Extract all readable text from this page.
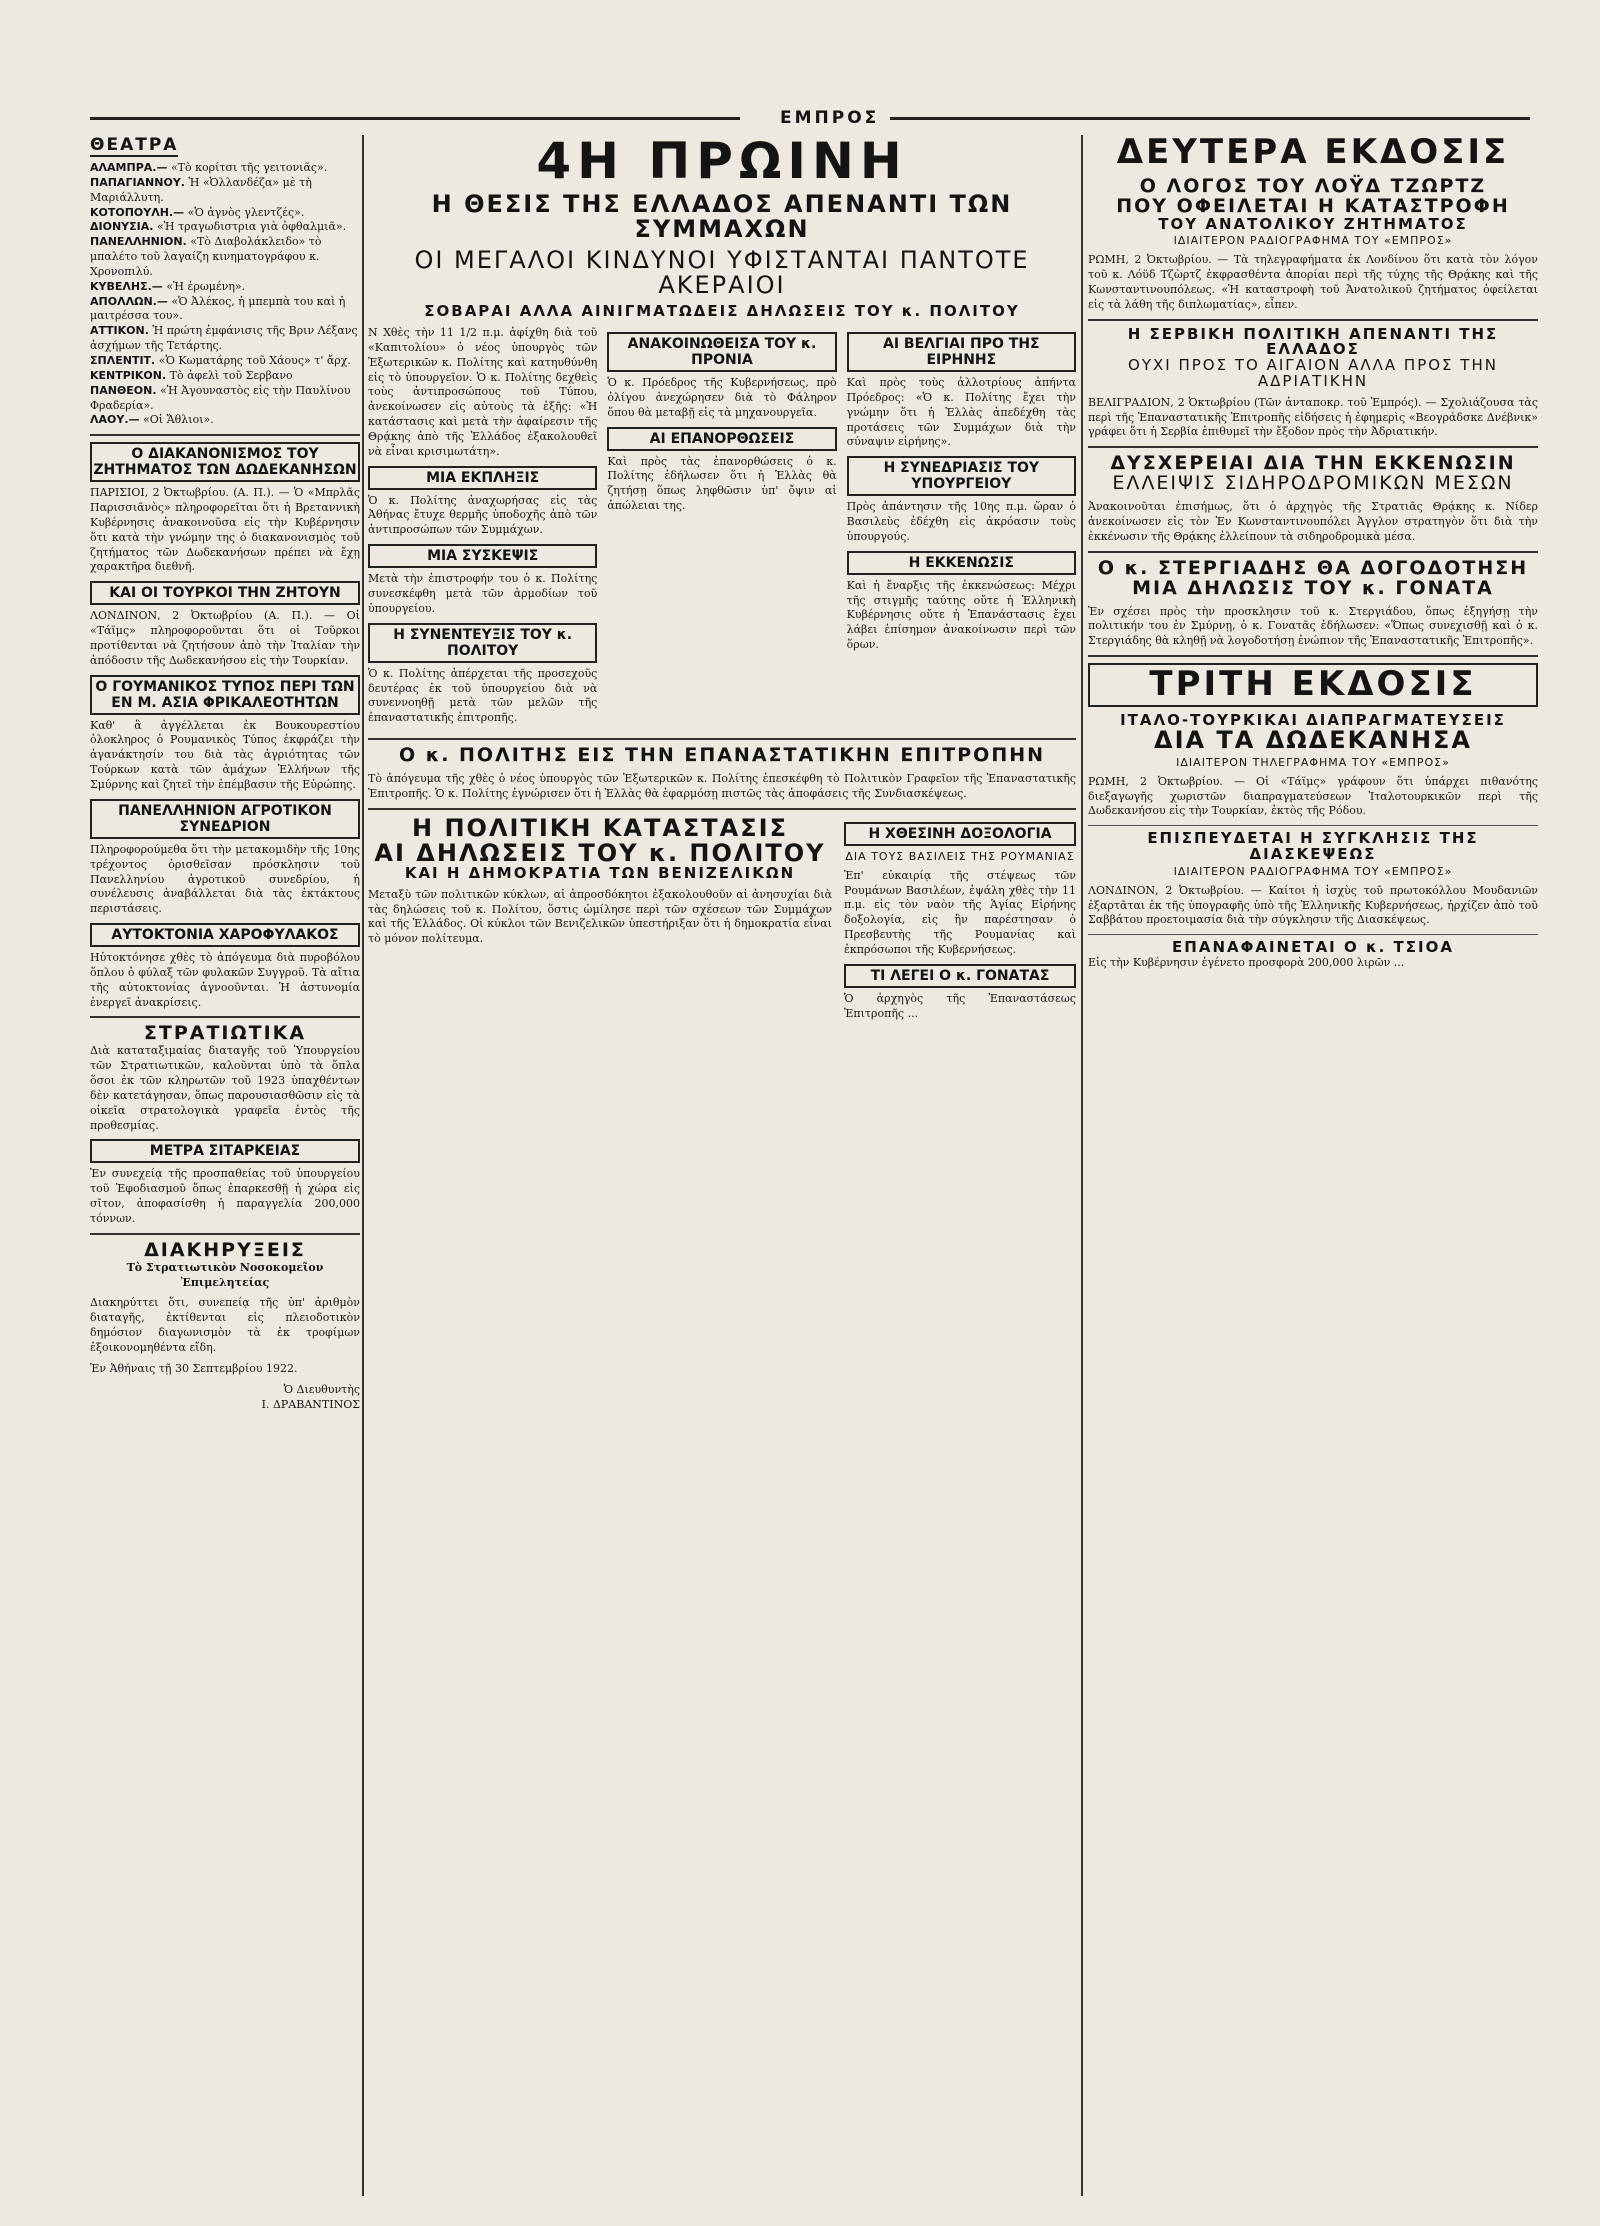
ΕΜΠΡΟΣ
ΘΕΑΤΡΑ

ΑΛΑΜΠΡΑ.— «Τὸ κορίτσι τῆς γειτονιᾶς».

ΠΑΠΑΓΙΑΝΝΟΥ. Ἡ «Ὀλλανδέζα» μὲ τὴ Μαριάλλυτη.

ΚΟΤΟΠΟΥΛΗ.— «Ὁ ἀγνὸς γλεντζές».

ΔΙΟΝΥΣΙΑ. «Ἡ τραγωδιστρια γιὰ ὀφθαλμιᾶ».

ΠΑΝΕΛΛΗΝΙΟΝ. «Τὸ Διαβολάκλειδο» τὸ μπαλέτο τοῦ λαγαίζη κινηματογράφου κ. Χρονοπιλύ.

ΚΥΒΕΛΗΣ.— «Ἡ ἐρωμένη».

ΑΠΟΛΛΩΝ.— «Ὁ Ἀλέκος, ἡ μπεμπὰ του καὶ ἡ μαιτρέσσα του».

ΑΤΤΙΚΟΝ. Ἡ πρώτη ἐμφάνισις τῆς Βριν Λέξανς ἀσχήμων τῆς Τετάρτης.

ΣΠΛΕΝΤΙΤ. «Ὁ Κωματάρης τοῦ Χάους» τ' ἄρχ.

ΚΕΝΤΡΙΚΟΝ. Τὸ ἀφελὶ τοῦ Σερβανο

ΠΑΝΘΕΟΝ. «Ἡ Ἀγουναστὸς εἰς τὴν Παυλίνου Φραδερία».

ΛΑΟΥ.— «Οἱ Ἄθλιοι».

Ο ΔΙΑΚΑΝΟΝΙΣΜΟΣ ΤΟΥ ΖΗΤΗΜΑΤΟΣ ΤΩΝ ΔΩΔΕΚΑΝΗΣΩΝ

ΠΑΡΙΣΙΟΙ, 2 Ὀκτωβρίου. (Α. Π.). — Ὁ «Μπρλᾶς Παρισσιᾶνὸς» πληροφορεῖται ὅτι ἡ Βρεταννικὴ Κυβέρνησις ἀνακοινοῦσα εἰς τὴν Κυβέρνησιν ὅτι κατὰ τὴν γνώμην της ὁ διακανονισμὸς τοῦ ζητήματος τῶν Δωδεκανήσων πρέπει νὰ ἔχῃ χαρακτῆρα διεθνῆ.

ΚΑΙ ΟΙ ΤΟΥΡΚΟΙ ΤΗΝ ΖΗΤΟΥΝ

ΛΟΝΔΙΝΟΝ, 2 Ὀκτωβρίου (Α. Π.). — Οἱ «Τάϊμς» πληροφοροῦνται ὅτι οἱ Τοῦρκοι προτίθενται νὰ ζητήσουν ἀπὸ τὴν Ἰταλίαν τὴν ἀπόδοσιν τῆς Δωδεκανήσου εἰς τὴν Τουρκίαν.

Ο ΓΟΥΜΑΝΙΚΟΣ ΤΥΠΟΣ ΠΕΡΙ ΤΩΝ ΕΝ Μ. ΑΣΙΑ ΦΡΙΚΑΛΕΟΤΗΤΩΝ

Καθ' ἃ ἀγγέλλεται ἐκ Βουκουρεστίου ὁλοκληρος ὁ Ρουμανικὸς Τύπος ἐκφράζει τὴν ἀγανάκτησίν του διὰ τὰς ἀγριότητας τῶν Τούρκων κατὰ τῶν ἀμάχων Ἑλλήνων τῆς Σμύρνης καὶ ζητεῖ τὴν ἐπέμβασιν τῆς Εὐρώπης.

ΠΑΝΕΛΛΗΝΙΟΝ ΑΓΡΟΤΙΚΟΝ ΣΥΝΕΔΡΙΟΝ

Πληροφορούμεθα ὅτι τὴν μετακομιδὴν τῆς 10ης τρέχοντος ὀρισθεῖσαν πρόσκλησιν τοῦ Πανελληνίου ἀγροτικοῦ συνεδρίου, ἡ συνέλευσις ἀναβάλλεται διὰ τὰς ἐκτάκτους περιστάσεις.

ΑΥΤΟΚΤΟΝΙΑ ΧΑΡΟΦΥΛΑΚΟΣ

Ηὐτοκτόνησε χθὲς τὸ ἀπόγευμα διὰ πυροβόλου ὅπλου ὁ φύλαξ τῶν φυλακῶν Συγγροῦ. Τὰ αἴτια τῆς αὐτοκτονίας ἀγνοοῦνται. Ἡ ἀστυνομία ἐνεργεῖ ἀνακρίσεις.

ΣΤΡΑΤΙΩΤΙΚΑ

Διὰ καταταξιμαίας διαταγῆς τοῦ Ὑπουργείου τῶν Στρατιωτικῶν, καλοῦνται ὑπὸ τὰ ὅπλα ὅσοι ἐκ τῶν κληρωτῶν τοῦ 1923 ὑπαχθέντων δὲν κατετάγησαν, ὅπως παρουσιασθῶσιν εἰς τὰ οἰκεῖα στρατολογικὰ γραφεῖα ἐντὸς τῆς προθεσμίας.

ΜΕΤΡΑ ΣΙΤΑΡΚΕΙΑΣ

Ἐν συνεχείᾳ τῆς προσπαθείας τοῦ ὑπουργείου τοῦ Ἐφοδιασμοῦ ὅπως ἐπαρκεσθῇ ἡ χώρα εἰς σῖτον, ἀποφασίσθη ἡ παραγγελία 200,000 τόννων.

ΔΙΑΚΗΡΥΞΕΙΣ

Τὸ Στρατιωτικὸν Νοσοκομεῖον Ἐπιμελητείας

Διακηρύττει ὅτι, συνεπείᾳ τῆς ὑπ' ἀριθμὸν διαταγῆς, ἐκτίθενται εἰς πλειοδοτικὸν δημόσιον διαγωνισμὸν τὰ ἐκ τροφίμων ἐξοικονομηθέντα εἴδη.

Ἐν Ἀθήναις τῇ 30 Σεπτεμβρίου 1922.

Ὁ Διευθυντὴς

Ι. ΔΡΑΒΑΝΤΙΝΟΣ

4Η ΠΡΩΙΝΗ
Η ΘΕΣΙΣ ΤΗΣ ΕΛΛΑΔΟΣ ΑΠΕΝΑΝΤΙ ΤΩΝ ΣΥΜΜΑΧΩΝ
ΟΙ ΜΕΓΑΛΟΙ ΚΙΝΔΥΝΟΙ ΥΦΙΣΤΑΝΤΑΙ ΠΑΝΤΟΤΕ ΑΚΕΡΑΙΟΙ
ΣΟΒΑΡΑΙ ΑΛΛΑ ΑΙΝΙΓΜΑΤΩΔΕΙΣ ΔΗΛΩΣΕΙΣ ΤΟΥ κ. ΠΟΛΙΤΟΥ

Ν Χθὲς τὴν 11 1/2 π.μ. ἀφίχθη διὰ τοῦ «Καπιτολίου» ὁ νέος ὑπουργὸς τῶν Ἐξωτερικῶν κ. Πολίτης καὶ κατηυθύνθη εἰς τὸ ὑπουργεῖον. Ὁ κ. Πολίτης δεχθεὶς τοὺς ἀντιπροσώπους τοῦ Τύπου, ἀνεκοίνωσεν εἰς αὐτοὺς τὰ ἑξῆς: «Ἡ κατάστασις καὶ μετὰ τὴν ἀφαίρεσιν τῆς Θρᾴκης ἀπὸ τῆς Ἑλλάδος ἐξακολουθεῖ νὰ εἶναι κρισιμωτάτη».

ΜΙΑ ΕΚΠΛΗΞΙΣ

Ὁ κ. Πολίτης ἀναχωρήσας εἰς τὰς Ἀθήνας ἔτυχε θερμῆς ὑποδοχῆς ἀπὸ τῶν ἀντιπροσώπων τῶν Συμμάχων.

ΜΙΑ ΣΥΣΚΕΨΙΣ

Μετὰ τὴν ἐπιστροφήν του ὁ κ. Πολίτης συνεσκέφθη μετὰ τῶν ἀρμοδίων τοῦ ὑπουργείου.

Η ΣΥΝΕΝΤΕΥΞΙΣ ΤΟΥ κ. ΠΟΛΙΤΟΥ

Ὁ κ. Πολίτης ἀπέρχεται τῆς προσεχοῦς δευτέρας ἐκ τοῦ ὑπουργείου διὰ νὰ συνεννοηθῇ μετὰ τῶν μελῶν τῆς ἐπαναστατικῆς ἐπιτροπῆς.

ΑΝΑΚΟΙΝΩΘΕΙΣΑ ΤΟΥ κ. ΠΡΟΝΙΑ

Ὁ κ. Πρόεδρος τῆς Κυβερνήσεως, πρὸ ὀλίγου ἀνεχώρησεν διὰ τὸ Φάληρον ὅπου θὰ μεταβῇ εἰς τὰ μηχανουργεῖα.

ΑΙ ΕΠΑΝΟΡΘΩΣΕΙΣ

Καὶ πρὸς τὰς ἐπανορθώσεις ὁ κ. Πολίτης ἐδήλωσεν ὅτι ἡ Ἑλλὰς θὰ ζητήσῃ ὅπως ληφθῶσιν ὑπ' ὄψιν αἱ ἀπώλειαι της.

ΑΙ ΒΕΛΓΙΑΙ ΠΡΟ ΤΗΣ ΕΙΡΗΝΗΣ

Καὶ πρὸς τοὺς ἀλλοτρίους ἀπήντα Πρόεδρος: «Ὁ κ. Πολίτης ἔχει τὴν γνώμην ὅτι ἡ Ἑλλὰς ἀπεδέχθη τὰς προτάσεις τῶν Συμμάχων διὰ τὴν σύναψιν εἰρήνης».

Η ΣΥΝΕΔΡΙΑΣΙΣ ΤΟΥ ΥΠΟΥΡΓΕΙΟΥ

Πρὸς ἀπάντησιν τῆς 10ης π.μ. ὥραν ὁ Βασιλεὺς ἐδέχθη εἰς ἀκρόασιν τοὺς ὑπουργούς.

Η ΕΚΚΕΝΩΣΙΣ

Καὶ ἡ ἔναρξις τῆς ἐκκενώσεως: Μέχρι τῆς στιγμῆς ταύτης οὔτε ἡ Ἑλληνικὴ Κυβέρνησις οὔτε ἡ Ἐπανάστασις ἔχει λάβει ἐπίσημον ἀνακοίνωσιν περὶ τῶν ὅρων.

Ο κ. ΠΟΛΙΤΗΣ ΕΙΣ ΤΗΝ ΕΠΑΝΑΣΤΑΤΙΚΗΝ ΕΠΙΤΡΟΠΗΝ

Τὸ ἀπόγευμα τῆς χθὲς ὁ νέος ὑπουργὸς τῶν Ἐξωτερικῶν κ. Πολίτης ἐπεσκέφθη τὸ Πολιτικὸν Γραφεῖον τῆς Ἐπαναστατικῆς Ἐπιτροπῆς. Ὁ κ. Πολίτης ἐγνώρισεν ὅτι ἡ Ἑλλὰς θὰ ἐφαρμόσῃ πιστῶς τὰς ἀποφάσεις τῆς Συνδιασκέψεως.

Η ΠΟΛΙΤΙΚΗ ΚΑΤΑΣΤΑΣΙΣ
ΑΙ ΔΗΛΩΣΕΙΣ ΤΟΥ κ. ΠΟΛΙΤΟΥ
ΚΑΙ Η ΔΗΜΟΚΡΑΤΙΑ ΤΩΝ ΒΕΝΙΖΕΛΙΚΩΝ

Μεταξὺ τῶν πολιτικῶν κύκλων, αἱ ἀπροσδόκητοι ἐξακολουθοῦν αἱ ἀνησυχίαι διὰ τὰς δηλώσεις τοῦ κ. Πολίτου, ὅστις ὡμίλησε περὶ τῶν σχέσεων τῶν Συμμάχων καὶ τῆς Ἑλλάδος. Οἱ κύκλοι τῶν Βενιζελικῶν ὑπεστήριξαν ὅτι ἡ δημοκρατία εἶναι τὸ μόνον πολίτευμα.

Η ΧΘΕΣΙΝΗ ΔΟΞΟΛΟΓΙΑ
ΔΙΑ ΤΟΥΣ ΒΑΣΙΛΕΙΣ ΤΗΣ ΡΟΥΜΑΝΙΑΣ

Ἐπ' εὐκαιρίᾳ τῆς στέψεως τῶν Ρουμάνων Βασιλέων, ἐψάλη χθὲς τὴν 11 π.μ. εἰς τὸν ναὸν τῆς Ἁγίας Εἰρήνης δοξολογία, εἰς ἣν παρέστησαν ὁ Πρεσβευτὴς τῆς Ρουμανίας καὶ ἐκπρόσωποι τῆς Κυβερνήσεως.

ΤΙ ΛΕΓΕΙ Ο κ. ΓΟΝΑΤΑΣ

Ὁ ἀρχηγὸς τῆς Ἐπαναστάσεως Ἐπιτροπῆς ...

ΔΕΥΤΕΡΑ ΕΚΔΟΣΙΣ
Ο ΛΟΓΟΣ ΤΟΥ ΛΟΫΔ ΤΖΩΡΤΖ
ΠΟΥ ΟΦΕΙΛΕΤΑΙ Η ΚΑΤΑΣΤΡΟΦΗ
ΤΟΥ ΑΝΑΤΟΛΙΚΟΥ ΖΗΤΗΜΑΤΟΣ
ΙΔΙΑΙΤΕΡΟΝ ΡΑΔΙΟΓΡΑΦΗΜΑ ΤΟΥ «ΕΜΠΡΟΣ»

ΡΩΜΗ, 2 Ὀκτωβρίου. — Τὰ τηλεγραφήματα ἐκ Λονδίνου ὅτι κατὰ τὸν λόγον τοῦ κ. Λόϋδ Τζὼρτζ ἐκφρασθέντα ἀπορίαι περὶ τῆς τύχης τῆς Θρᾴκης καὶ τῆς Κωνσταντινουπόλεως. «Ἡ καταστροφὴ τοῦ Ἀνατολικοῦ ζητήματος ὀφείλεται εἰς τὰ λάθη τῆς διπλωματίας», εἶπεν.

Η ΣΕΡΒΙΚΗ ΠΟΛΙΤΙΚΗ ΑΠΕΝΑΝΤΙ ΤΗΣ ΕΛΛΑΔΟΣ
ΟΥΧΙ ΠΡΟΣ ΤΟ ΑΙΓΑΙΟΝ ΑΛΛΑ ΠΡΟΣ ΤΗΝ ΑΔΡΙΑΤΙΚΗΝ

ΒΕΛΙΓΡΑΔΙΟΝ, 2 Ὀκτωβρίου (Τῶν ἀνταποκρ. τοῦ Ἐμπρός). — Σχολιάζουσα τὰς περὶ τῆς Ἐπαναστατικῆς Ἐπιτροπῆς εἰδήσεις ἡ ἐφημερὶς «Βεογράδσκε Δνέβνικ» γράφει ὅτι ἡ Σερβία ἐπιθυμεῖ τὴν ἔξοδον πρὸς τὴν Ἀδριατικήν.

ΔΥΣΧΕΡΕΙΑΙ ΔΙΑ ΤΗΝ ΕΚΚΕΝΩΣΙΝ
ΕΛΛΕΙΨΙΣ ΣΙΔΗΡΟΔΡΟΜΙΚΩΝ ΜΕΣΩΝ

Ἀνακοινοῦται ἐπισήμως, ὅτι ὁ ἀρχηγὸς τῆς Στρατιᾶς Θρᾴκης κ. Νίδερ ἀνεκοίνωσεν εἰς τὸν Ἐν Κωνσταντινουπόλει Ἀγγλον στρατηγὸν ὅτι διὰ τὴν ἐκκένωσιν τῆς Θρᾴκης ἐλλείπουν τὰ σιδηροδρομικὰ μέσα.

Ο κ. ΣΤΕΡΓΙΑΔΗΣ ΘΑ ΔΟΓΟΔΟΤΗΣΗ
ΜΙΑ ΔΗΛΩΣΙΣ ΤΟΥ κ. ΓΟΝΑΤΑ

Ἐν σχέσει πρὸς τὴν προσκλησιν τοῦ κ. Στεργιάδου, ὅπως ἐξηγήσῃ τὴν πολιτικήν του ἐν Σμύρνῃ, ὁ κ. Γονατᾶς ἐδήλωσεν: «Ὅπως συνεχισθῇ καὶ ὁ κ. Στεργιάδης θὰ κληθῇ νὰ λογοδοτήσῃ ἐνώπιον τῆς Ἐπαναστατικῆς Ἐπιτροπῆς».

ΤΡΙΤΗ ΕΚΔΟΣΙΣ
ΙΤΑΛΟ-ΤΟΥΡΚΙΚΑΙ ΔΙΑΠΡΑΓΜΑΤΕΥΣΕΙΣ
ΔΙΑ ΤΑ ΔΩΔΕΚΑΝΗΣΑ
ΙΔΙΑΙΤΕΡΟΝ ΤΗΛΕΓΡΑΦΗΜΑ ΤΟΥ «ΕΜΠΡΟΣ»

ΡΩΜΗ, 2 Ὀκτωβρίου. — Οἱ «Τάϊμς» γράφουν ὅτι ὑπάρχει πιθανότης διεξαγωγῆς χωριστῶν διαπραγματεύσεων Ἰταλοτουρκικῶν περὶ τῆς Δωδεκανήσου εἰς τὴν Τουρκίαν, ἐκτὸς τῆς Ρόδου.

ΕΠΙΣΠΕΥΔΕΤΑΙ Η ΣΥΓΚΛΗΣΙΣ ΤΗΣ ΔΙΑΣΚΕΨΕΩΣ
ΙΔΙΑΙΤΕΡΟΝ ΡΑΔΙΟΓΡΑΦΗΜΑ ΤΟΥ «ΕΜΠΡΟΣ»

ΛΟΝΔΙΝΟΝ, 2 Ὀκτωβρίου. — Καίτοι ἡ ἰσχὺς τοῦ πρωτοκόλλου Μουδανιῶν ἐξαρτᾶται ἐκ τῆς ὑπογραφῆς ὑπὸ τῆς Ἑλληνικῆς Κυβερνήσεως, ἠρχίζεν ἀπὸ τοῦ Σαββάτου προετοιμασία διὰ τὴν σύγκλησιν τῆς Διασκέψεως.

ΕΠΑΝΑΦΑΙΝΕΤΑΙ Ο κ. ΤΣΙΟΑ

Εἰς τὴν Κυβέρνησιν ἐγένετο προσφορὰ 200,000 λιρῶν ...
